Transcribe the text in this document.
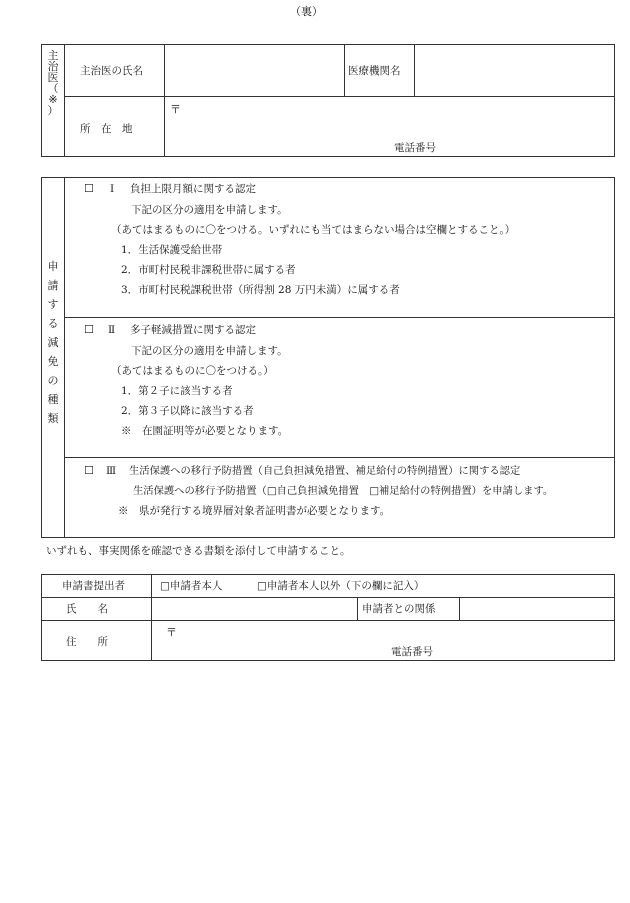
（裏）
主
治
医
（
※
）
主治医の氏名	医療機関名
所　在　地
〒
電話番号
申
請
す
る
減
免
の
種
類
☐ Ⅰ 負担上限月額に関する認定
下記の区分の適用を申請します。
（あてはまるものに〇をつける。いずれにも当てはまらない場合は空欄とすること。）
1．生活保護受給世帯
2．市町村民税非課税世帯に属する者
3．市町村民税課税世帯（所得割 28 万円未満）に属する者
☐ Ⅱ 多子軽減措置に関する認定
下記の区分の適用を申請します。
（あてはまるものに〇をつける。）
1．第２子に該当する者
2．第３子以降に該当する者
※　在園証明等が必要となります。
☐ Ⅲ 生活保護への移行予防措置（自己負担減免措置、補足給付の特例措置）に関する認定
生活保護への移行予防措置（□自己負担減免措置　□補足給付の特例措置）を申請します。
※　県が発行する境界層対象者証明書が必要となります。
いずれも、事実関係を確認できる書類を添付して申請すること。
申請書提出者	□申請者本人	□申請者本人以外（下の欄に記入）
氏　　名	申請者との関係
住　　所
〒
電話番号
